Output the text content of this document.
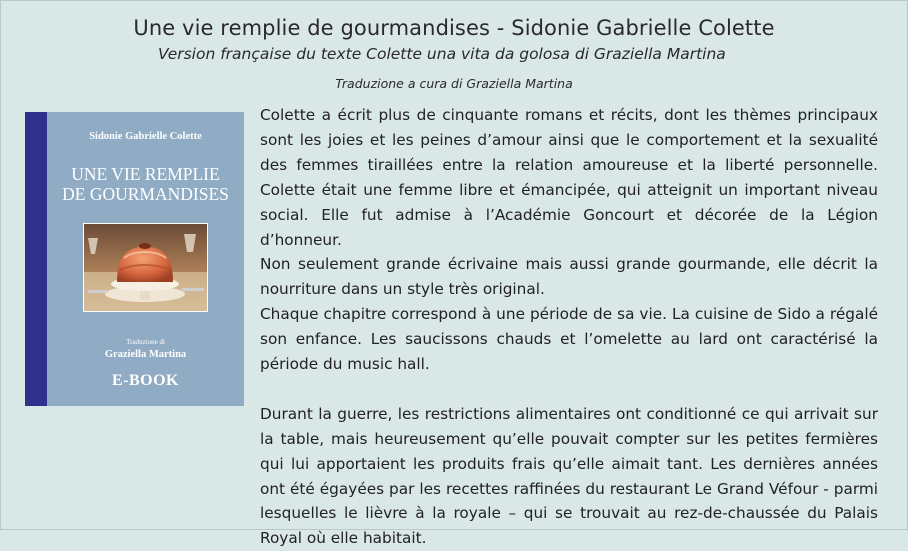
Une vie remplie de gourmandises - Sidonie Gabrielle Colette
Version française du texte Colette una vita da golosa di Graziella Martina
Traduzione a cura di Graziella Martina
Sidonie Gabrielle Colette
UNE VIE REMPLIE
DE GOURMANDISES
Traduzione di
Graziella Martina
E-BOOK

Colette a écrit plus de cinquante romans et récits, dont les thèmes principaux sont les joies et les peines d’amour ainsi que le comportement et la sexualité des femmes tiraillées entre la relation amoureuse et la liberté personnelle. Colette était une femme libre et émancipée, qui atteignit un important niveau social. Elle fut admise à l’Académie Goncourt et décorée de la Légion d’honneur.

Non seulement grande écrivaine mais aussi grande gourmande, elle décrit la nourriture dans un style très original.

Chaque chapitre correspond à une période de sa vie. La cuisine de Sido a régalé son enfance. Les saucissons chauds et l’omelette au lard ont caractérisé la période du music hall.

Durant la guerre, les restrictions alimentaires ont conditionné ce qui arrivait sur la table, mais heureusement qu’elle pouvait compter sur les petites fermières qui lui apportaient les produits frais qu’elle aimait tant. Les dernières années ont été égayées par les recettes raffinées du restaurant Le Grand Véfour - parmi lesquelles le lièvre à la royale – qui se trouvait au rez-de-chaussée du Palais Royal où elle habitait.
